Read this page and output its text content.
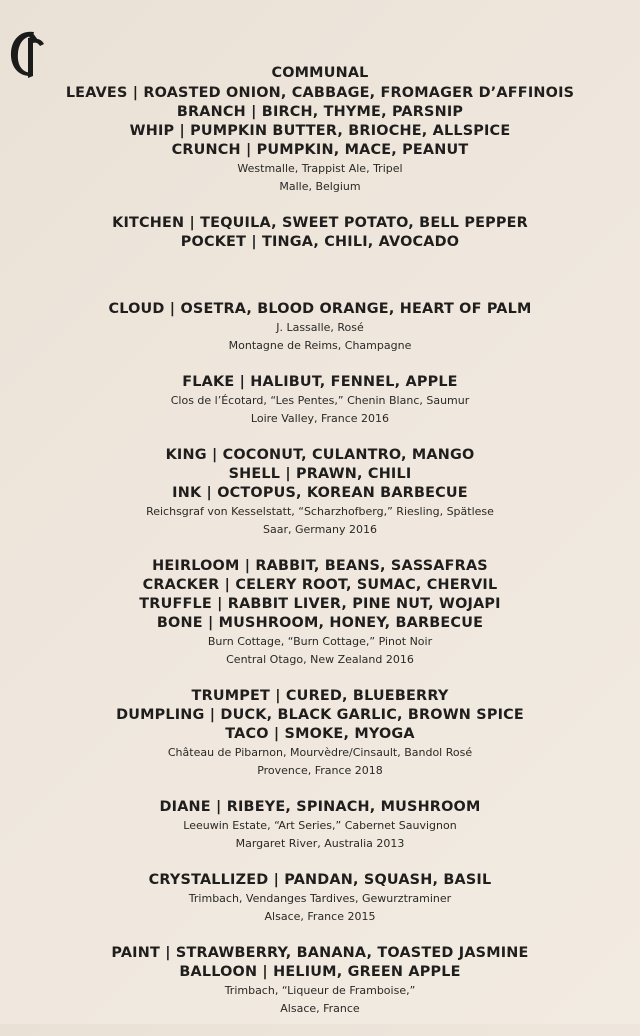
COMMUNAL

LEAVES | ROASTED ONION, CABBAGE, FROMAGER D’AFFINOIS

BRANCH | BIRCH, THYME, PARSNIP

WHIP | PUMPKIN BUTTER, BRIOCHE, ALLSPICE

CRUNCH | PUMPKIN, MACE, PEANUT

Westmalle, Trappist Ale, Tripel

Malle, Belgium

KITCHEN | TEQUILA, SWEET POTATO, BELL PEPPER

POCKET | TINGA, CHILI, AVOCADO

CLOUD | OSETRA, BLOOD ORANGE, HEART OF PALM

J. Lassalle, Rosé

Montagne de Reims, Champagne

FLAKE | HALIBUT, FENNEL, APPLE

Clos de l’Écotard, “Les Pentes,” Chenin Blanc, Saumur

Loire Valley, France 2016

KING | COCONUT, CULANTRO, MANGO

SHELL | PRAWN, CHILI

INK | OCTOPUS, KOREAN BARBECUE

Reichsgraf von Kesselstatt, “Scharzhofberg,” Riesling, Spätlese

Saar, Germany 2016

HEIRLOOM | RABBIT, BEANS, SASSAFRAS

CRACKER | CELERY ROOT, SUMAC, CHERVIL

TRUFFLE | RABBIT LIVER, PINE NUT, WOJAPI

BONE | MUSHROOM, HONEY, BARBECUE

Burn Cottage, “Burn Cottage,” Pinot Noir

Central Otago, New Zealand 2016

TRUMPET | CURED, BLUEBERRY

DUMPLING | DUCK, BLACK GARLIC, BROWN SPICE

TACO | SMOKE, MYOGA

Château de Pibarnon, Mourvèdre/Cinsault, Bandol Rosé

Provence, France 2018

DIANE | RIBEYE, SPINACH, MUSHROOM

Leeuwin Estate, “Art Series,” Cabernet Sauvignon

Margaret River, Australia 2013

CRYSTALLIZED | PANDAN, SQUASH, BASIL

Trimbach, Vendanges Tardives, Gewurztraminer

Alsace, France 2015

PAINT | STRAWBERRY, BANANA, TOASTED JASMINE

BALLOON | HELIUM, GREEN APPLE

Trimbach, “Liqueur de Framboise,”

Alsace, France
